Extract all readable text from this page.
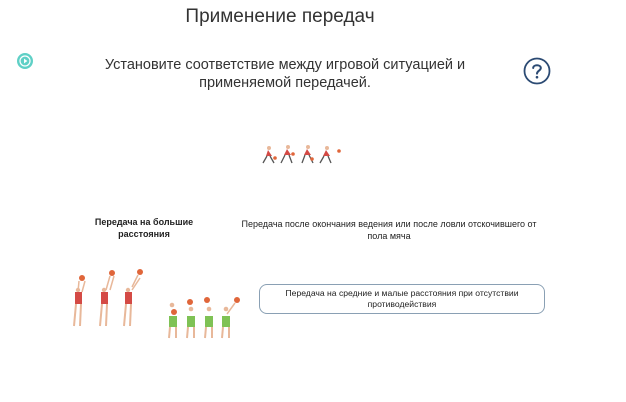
Применение передач
Установите соответствие между игровой ситуацией и применяемой передачей.
Передача на большие расстояния
Передача после окончания ведения или после ловли отскочившего от пола мяча
Передача на средние и малые расстояния при отсутствии противодействия
